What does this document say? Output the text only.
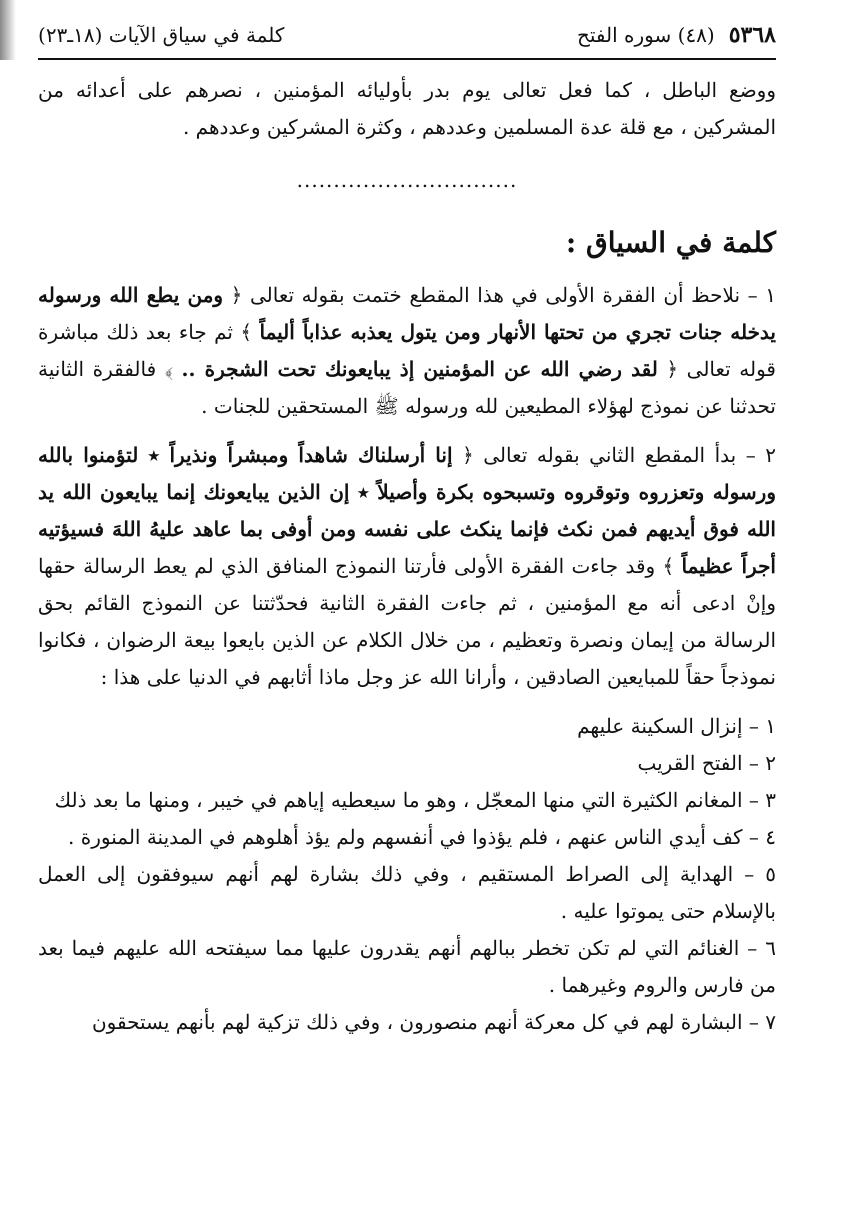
٥٣٦٨
(٤٨) سوره الفتح
كلمة في سياق الآيات (١٨ـ٢٣)
ووضع الباطل ، كما فعل تعالى يوم بدر بأوليائه المؤمنين ، نصرهم على أعدائه من المشركين ، مع قلة عدة المسلمين وعددهم ، وكثرة المشركين وعددهم .
..............................
كلمة في السياق :
١ – نلاحظ أن الفقرة الأولى في هذا المقطع ختمت بقوله تعالى ﴿ ومن يطع الله ورسوله يدخله جنات تجري من تحتها الأنهار ومن يتول يعذبه عذاباً أليماً ﴾ ثم جاء بعد ذلك مباشرة قوله تعالى ﴿ لقد رضي الله عن المؤمنين إذ يبايعونك تحت الشجرة .. ﴾ فالفقرة الثانية تحدثنا عن نموذج لهؤلاء المطيعين لله ورسوله ﷺ المستحقين للجنات .
٢ – بدأ المقطع الثاني بقوله تعالى ﴿ إنا أرسلناك شاهداً ومبشراً ونذيراً ٭ لتؤمنوا بالله ورسوله وتعزروه وتوقروه وتسبحوه بكرة وأصيلاً ٭ إن الذين يبايعونك إنما يبايعون الله يد الله فوق أيديهم فمن نكث فإنما ينكث على نفسه ومن أوفى بما عاهد عليهُ اللهَ فسيؤتيه أجراً عظيماً ﴾ وقد جاءت الفقرة الأولى فأرتنا النموذج المنافق الذي لم يعط الرسالة حقها وإنْ ادعى أنه مع المؤمنين ، ثم جاءت الفقرة الثانية فحدّثتنا عن النموذج القائم بحق الرسالة من إيمان ونصرة وتعظيم ، من خلال الكلام عن الذين بايعوا بيعة الرضوان ، فكانوا نموذجاً حقاً للمبايعين الصادقين ، وأرانا الله عز وجل ماذا أثابهم في الدنيا على هذا :
١ – إنزال السكينة عليهم
٢ – الفتح القريب
٣ – المغانم الكثيرة التي منها المعجّل ، وهو ما سيعطيه إياهم في خيبر ، ومنها ما بعد ذلك
٤ – كف أيدي الناس عنهم ، فلم يؤذوا في أنفسهم ولم يؤذ أهلوهم في المدينة المنورة .
٥ – الهداية إلى الصراط المستقيم ، وفي ذلك بشارة لهم أنهم سيوفقون إلى العمل بالإسلام حتى يموتوا عليه .
٦ – الغنائم التي لم تكن تخطر ببالهم أنهم يقدرون عليها مما سيفتحه الله عليهم فيما بعد من فارس والروم وغيرهما .
٧ – البشارة لهم في كل معركة أنهم منصورون ، وفي ذلك تزكية لهم بأنهم يستحقون
